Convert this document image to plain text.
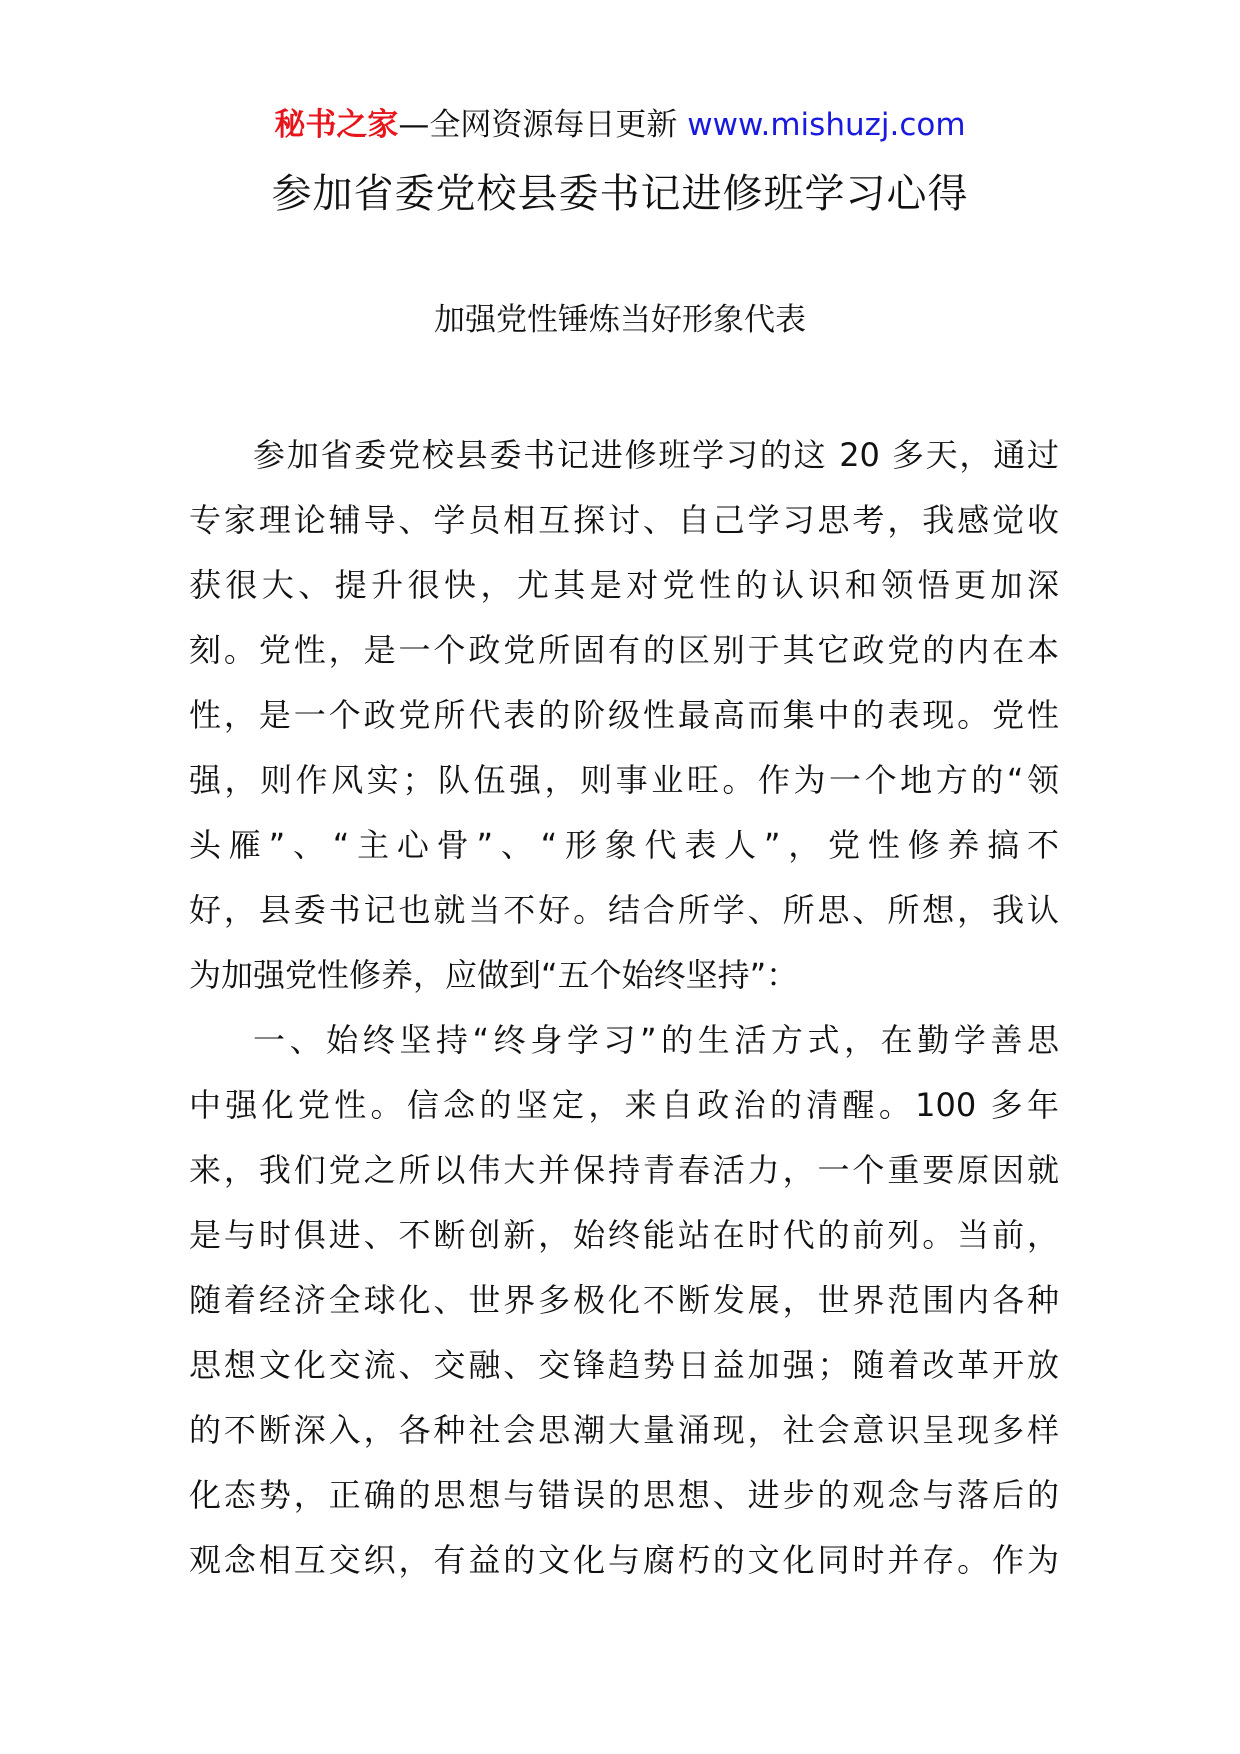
秘书之家—全网资源每日更新 www.mishuzj.com
参加省委党校县委书记进修班学习心得
加强党性锤炼当好形象代表
参加省委党校县委书记进修班学习的这 20 多天，通过
专家理论辅导、学员相互探讨、自己学习思考，我感觉收
获很大、提升很快，尤其是对党性的认识和领悟更加深
刻。党性，是一个政党所固有的区别于其它政党的内在本
性，是一个政党所代表的阶级性最高而集中的表现。党性
强，则作风实；队伍强，则事业旺。作为一个地方的“领
头雁”、“主心骨”、“形象代表人”，党性修养搞不
好，县委书记也就当不好。结合所学、所思、所想，我认
为加强党性修养，应做到“五个始终坚持”：
一、始终坚持“终身学习”的生活方式，在勤学善思
中强化党性。信念的坚定，来自政治的清醒。100 多年
来，我们党之所以伟大并保持青春活力，一个重要原因就
是与时俱进、不断创新，始终能站在时代的前列。当前，
随着经济全球化、世界多极化不断发展，世界范围内各种
思想文化交流、交融、交锋趋势日益加强；随着改革开放
的不断深入，各种社会思潮大量涌现，社会意识呈现多样
化态势，正确的思想与错误的思想、进步的观念与落后的
观念相互交织，有益的文化与腐朽的文化同时并存。作为
